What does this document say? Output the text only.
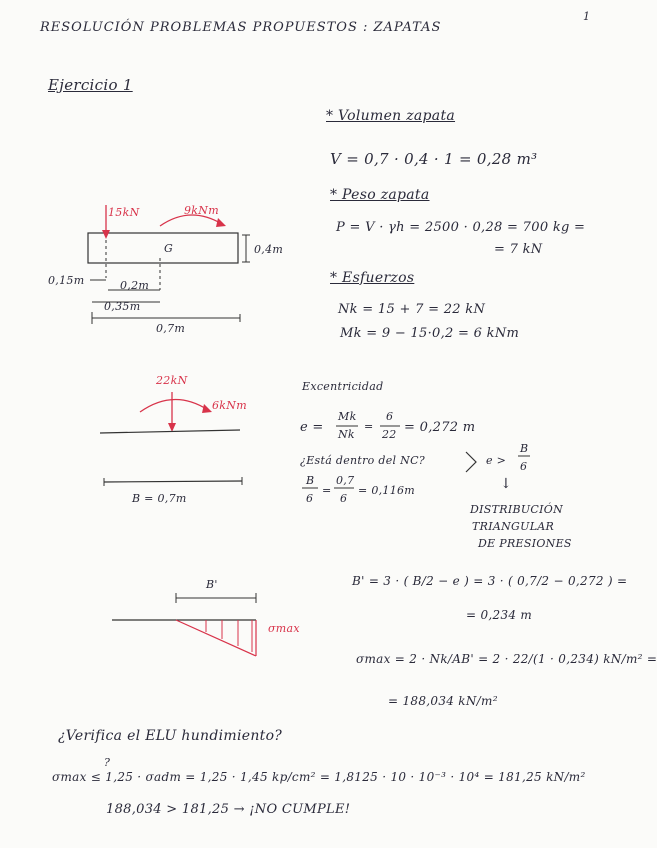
RESOLUCIÓN PROBLEMAS PROPUESTOS : ZAPATAS
1
Ejercicio 1
* Volumen zapata
V = 0,7 · 0,4 · 1 = 0,28 m³
* Peso zapata
P = V · γh = 2500 · 0,28 = 700 kg =
= 7 kN
* Esfuerzos
Nk = 15 + 7 = 22 kN
Mk = 9 − 15·0,2 = 6 kNm
15kN	9kNm
0,4m
G
0,15m	0,2m
0,35m
0,7m
22kN
6kNm
B = 0,7m
Excentricidad
e =
Mk
Nk
=
6
22 = 0,272 m
¿Está dentro del NC?
B
6
=
0,7
6
= 0,116m
e >
B
6
↓
DISTRIBUCIÓN
TRIANGULAR
DE PRESIONES
B'
σmax
B' = 3 · ( B/2 − e ) = 3 · ( 0,7/2 − 0,272 ) =
= 0,234 m
σmax = 2 · Nk/AB' = 2 · 22/(1 · 0,234) kN/m² =
= 188,034 kN/m²
¿Verifica el ELU hundimiento?
?
σmax ≤ 1,25 · σadm = 1,25 · 1,45 kp/cm² = 1,8125 · 10 · 10⁻³ · 10⁴ = 181,25 kN/m²
188,034 > 181,25 → ¡NO CUMPLE!
